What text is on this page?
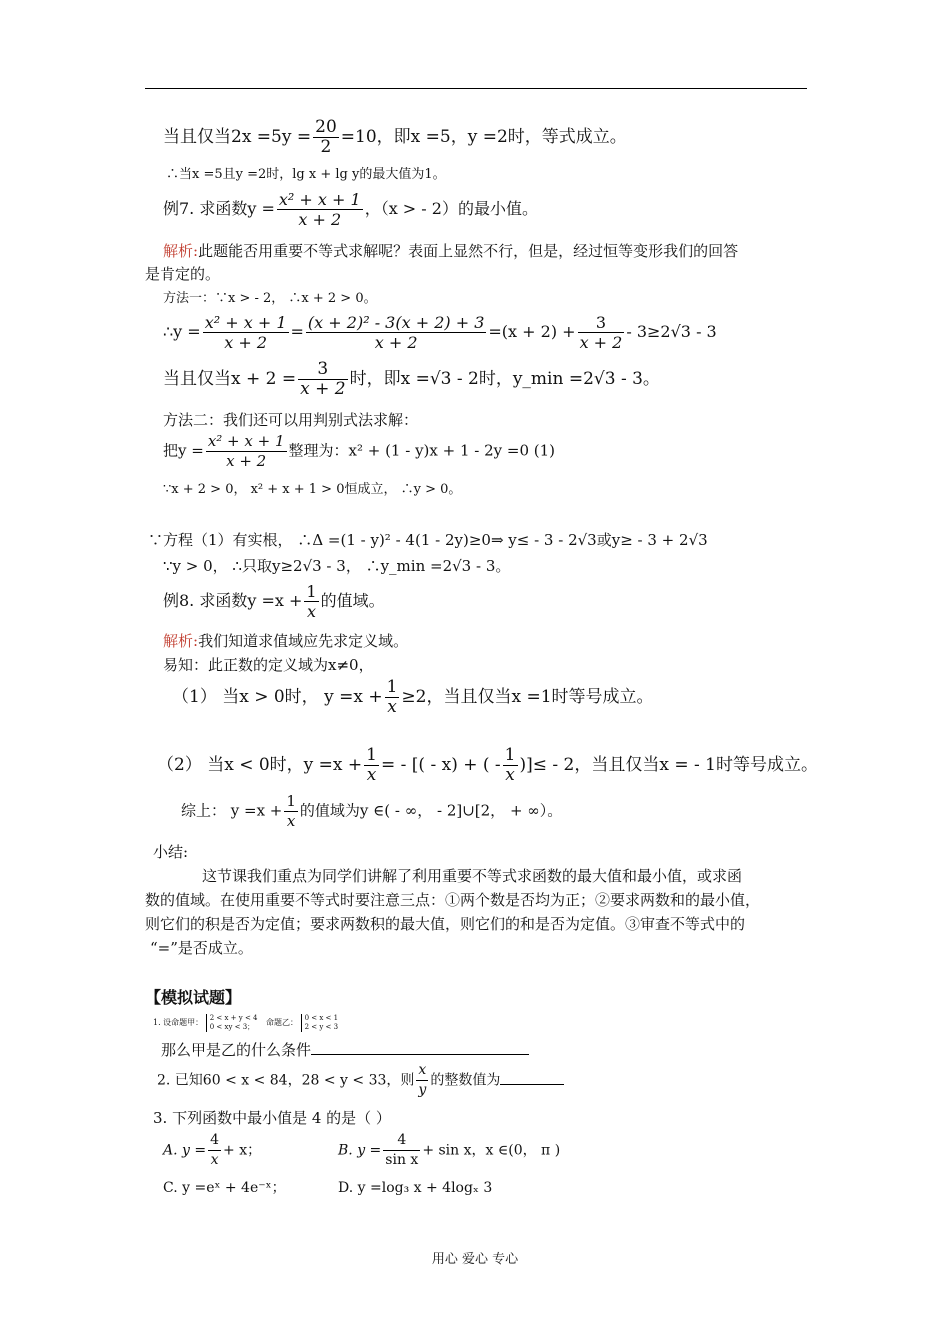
当且仅当$2x =5y = \frac{20}{2} =10$，即x =5，y =2时，等式成立。
∴当x =5且y =2时，lg x + lg y的最大值为1。
例7. 求函数$y = \frac{\text{x² + x + 1}}{x + 2}$ ，（x > - 2）的最小值。
解析:此题能否用重要不等式求解呢？表面上显然不行，但是，经过恒等变形我们的回答
是肯定的。
方法一：∵x > - 2， ∴x + 2 > 0。
∴y = $\frac{\text{x² + x + 1}}{x + 2} = \frac{\text{(x + 2)² - 3(x + 2) + 3}}{x + 2} =(x + 2) + \frac{3}{x + 2} - 3\ge 2√3 - 3$
当且仅当$x + 2 = \frac{3}{x + 2}$ 时，即x =√3 - 2时，y_min =2√3 - 3。
方法二：我们还可以用判别式法求解：
把$y = \frac{\text{x² + x + 1}}{x + 2}$ 整理为：x² + (1 - y)x + 1 - 2y =0 (1)
∵x + 2 > 0， x² + x + 1 > 0恒成立， ∴y > 0。
∵方程（1）有实根， ∴Δ =(1 - y)² - 4(1 - 2y)≥0⇒ y≤ - 3 - 2√3或y≥ - 3 + 2√3
∵y > 0， ∴只取y≥2√3 - 3， ∴y_min =2√3 - 3。
例8. 求函数$y =x + \frac{1}{x}$ 的值域。
解析:我们知道求值域应先求定义域。
易知：此正数的定义域为x≠0，
（1） 当x > 0时， $y =x + \frac{1}{x} \ge 2$，当且仅当x =1时等号成立。
（2） 当x < 0时，$y =x + \frac{1}{x}$ = - [( - x) + ( - $\frac{1}{x}$ )]≤ - 2，当且仅当x = - 1时等号成立。
综上： $y =x + \frac{1}{x}$ 的值域为y ∈( - ∞， - 2]∪[2， + ∞）。
小结:
这节课我们重点为同学们讲解了利用重要不等式求函数的最大值和最小值，或求函
数的值域。在使用重要不等式时要注意三点：①两个数是否均为正；②要求两数和的最小值，
则它们的积是否为定值；要求两数积的最大值，则它们的和是否为定值。③审查不等式中的
“=”是否成立。
【模拟试题】
1. 设命题甲： 2 < x + y < 4
0 < xy < 3；	命题乙： 0 < x < 1
2 < y < 3
那么甲是乙的什么条件
2. 已知60 < x < 84，28 < y < 33，则 $\frac{x}{y}$ 的整数值为
3. 下列函数中最小值是 4 的是（ ）
A. $y = \frac{4}{x} + x$；	B. $y = \frac{4}{\text{sin x}} + \sin x$，x ∈(0， π )
C. y =eˣ + 4e⁻ˣ；	D. y =log₃ x + 4logₓ 3
用心 爱心 专心
